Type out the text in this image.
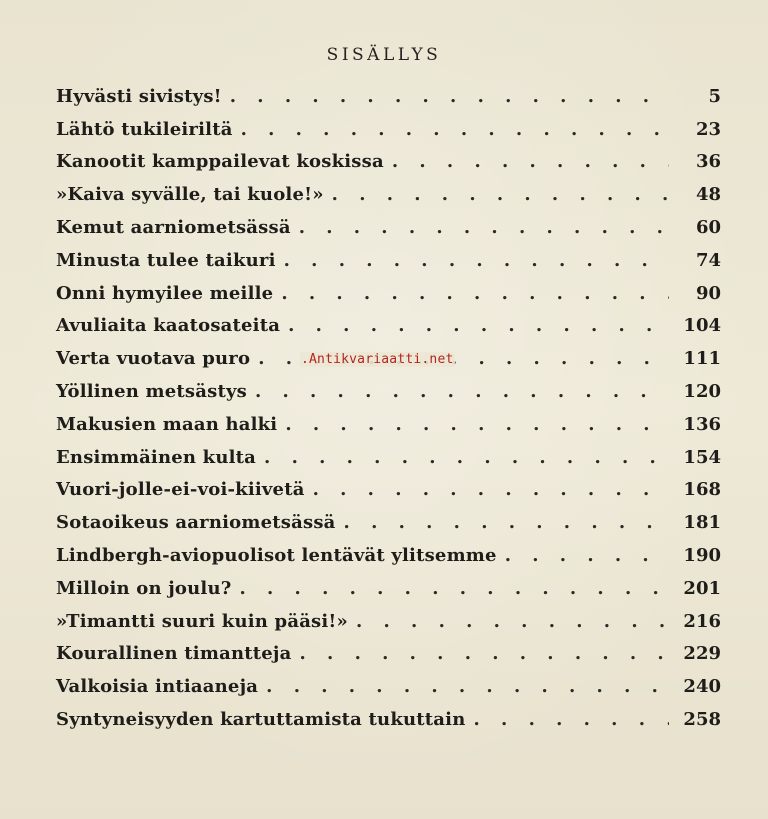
SISÄLLYS
Hyvästi sivistys! . . .	5
Lähtö tukileiriltä . . .	23
Kanootit kamppailevat koskissa . . .	36
»Kaiva syvälle, tai kuole!» . . .	48
Kemut aarniometsässä . . .	60
Minusta tulee taikuri . . .	74
Onni hymyilee meille . . .	90
Avuliaita kaatosateita . . .	104
Verta vuotava puro . . .	111
Yöllinen metsästys . . .	120
Makusien maan halki . . .	136
Ensimmäinen kulta . . .	154
Vuori-jolle-ei-voi-kiivetä . . .	168
Sotaoikeus aarniometsässä . . .	181
Lindbergh-aviopuolisot lentävät ylitsemme . . .	190
Milloin on joulu? . . .	201
»Timantti suuri kuin pääsi!» . . .	216
Kourallinen timantteja . . .	229
Valkoisia intiaaneja . . .	240
Syntyneisyyden kartuttamista tukuttain . . .	258
.Antikvariaatti.net
